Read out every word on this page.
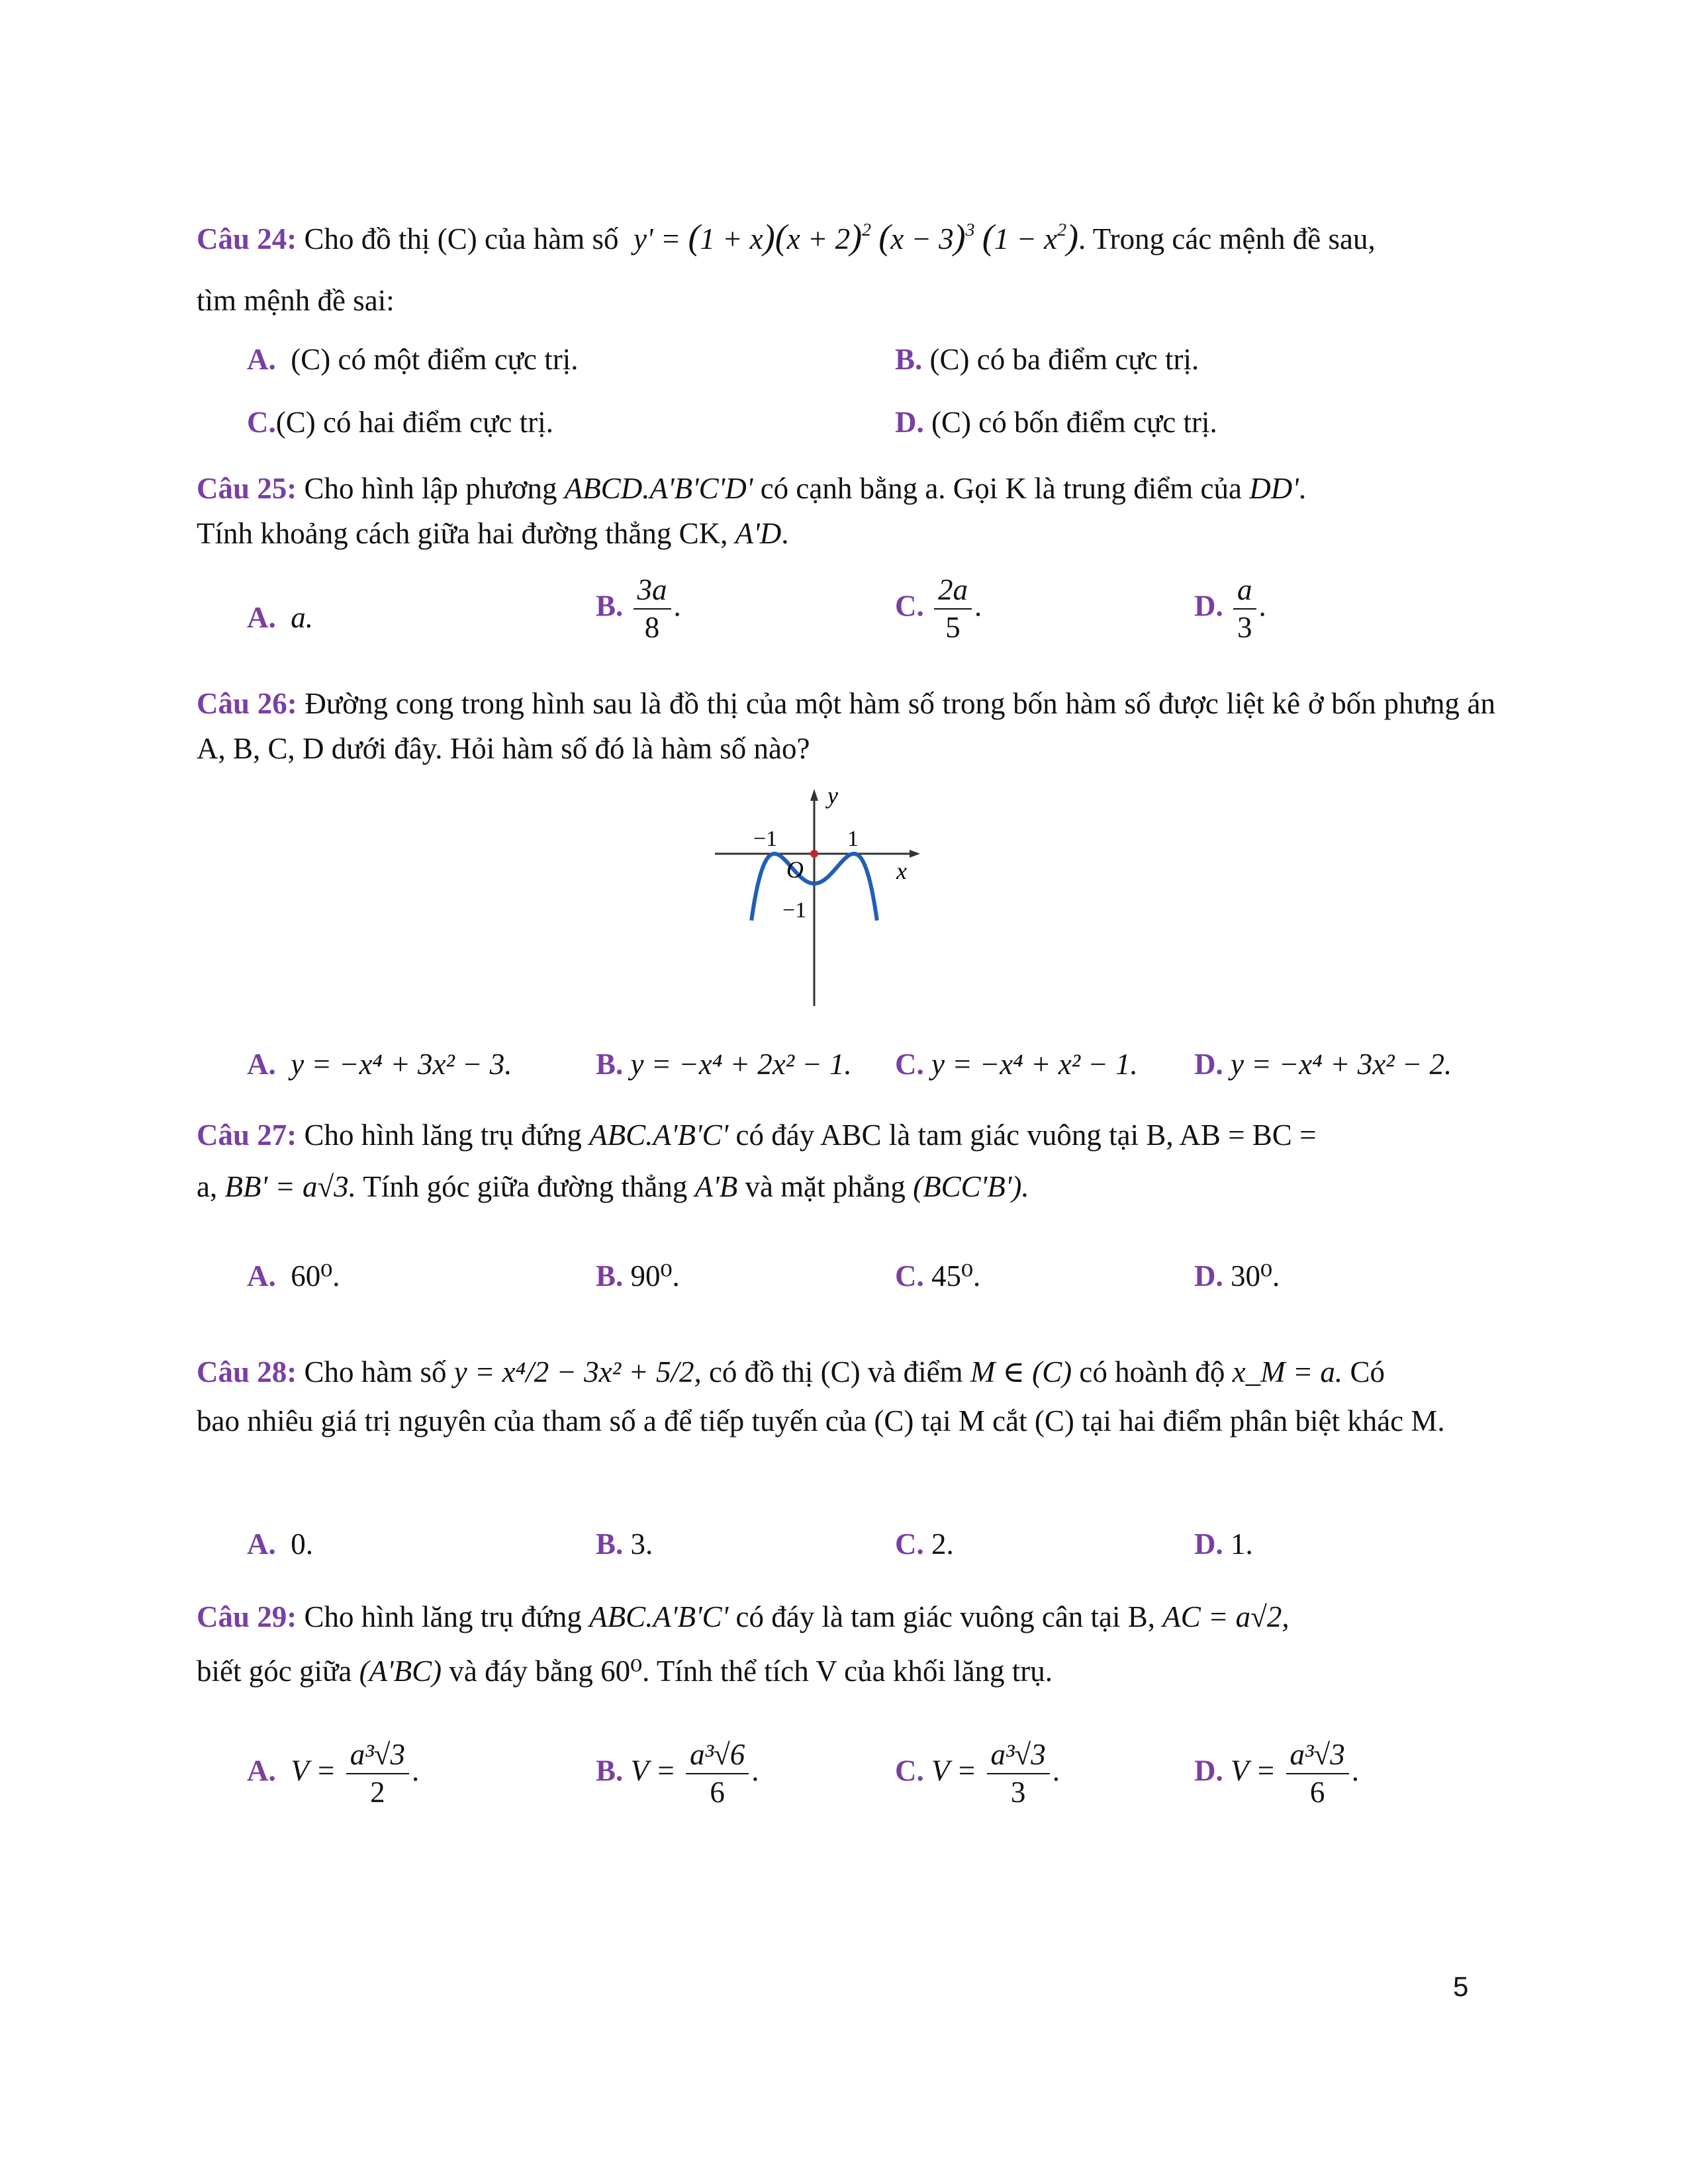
Câu 24: Cho đồ thị (C) của hàm số  $y' = (1 + x)(x + 2)^2$ $(x - 3)^3$ $(1 - x^2)$. Trong các mệnh đề sau,
tìm mệnh đề sai:
A. (C) có một điểm cực trị.	B. (C) có ba điểm cực trị.
C.(C) có hai điểm cực trị.	D. (C) có bốn điểm cực trị.
Câu 25: Cho hình lập phương ABCD.A'B'C'D' có cạnh bằng a. Gọi K là trung điểm của DD'.
Tính khoảng cách giữa hai đường thẳng CK, A'D.
A. a.	B. $\frac{3a}{8}$ .	C. $\frac{2a}{5}$ .	D. $\frac{a}{3}$ .
Câu 26: Đường cong trong hình sau là đồ thị của một hàm số trong bốn hàm số được liệt kê ở bốn phưng án A, B, C, D dưới đây. Hỏi hàm số đó là hàm số nào?
y
x
O
−1	1
−1
A. y = −x⁴ + 3x² − 3.	B. y = −x⁴ + 2x² − 1. C. y = −x⁴ + x² − 1. D. y = −x⁴ + 3x² − 2.
Câu 27: Cho hình lăng trụ đứng ABC.A'B'C' có đáy ABC là tam giác vuông tại B, AB = BC =
a, BB' = a√3. Tính góc giữa đường thẳng A'B và mặt phẳng (BCC'B').
A. 60⁰.	B. 90⁰.	C. 45⁰.	D. 30⁰.
Câu 28: Cho hàm số y = x⁴/2 − 3x² + 5/2, có đồ thị (C) và điểm M ∈ (C) có hoành độ x_M = a. Có
bao nhiêu giá trị nguyên của tham số a để tiếp tuyến của (C) tại M cắt (C) tại hai điểm phân biệt khác M.
A. 0.	B. 3.	C. 2.	D. 1.
Câu 29: Cho hình lăng trụ đứng ABC.A'B'C' có đáy là tam giác vuông cân tại B, AC = a√2,
biết góc giữa (A'BC) và đáy bằng 60⁰. Tính thể tích V của khối lăng trụ.
A. $V = \frac{\text{a³√3}}{2}$ .	B. $V = \frac{\text{a³√6}}{6}$ .	C. $V = \frac{\text{a³√3}}{3}$ .	D. $V = \frac{\text{a³√3}}{6}$ .
5
